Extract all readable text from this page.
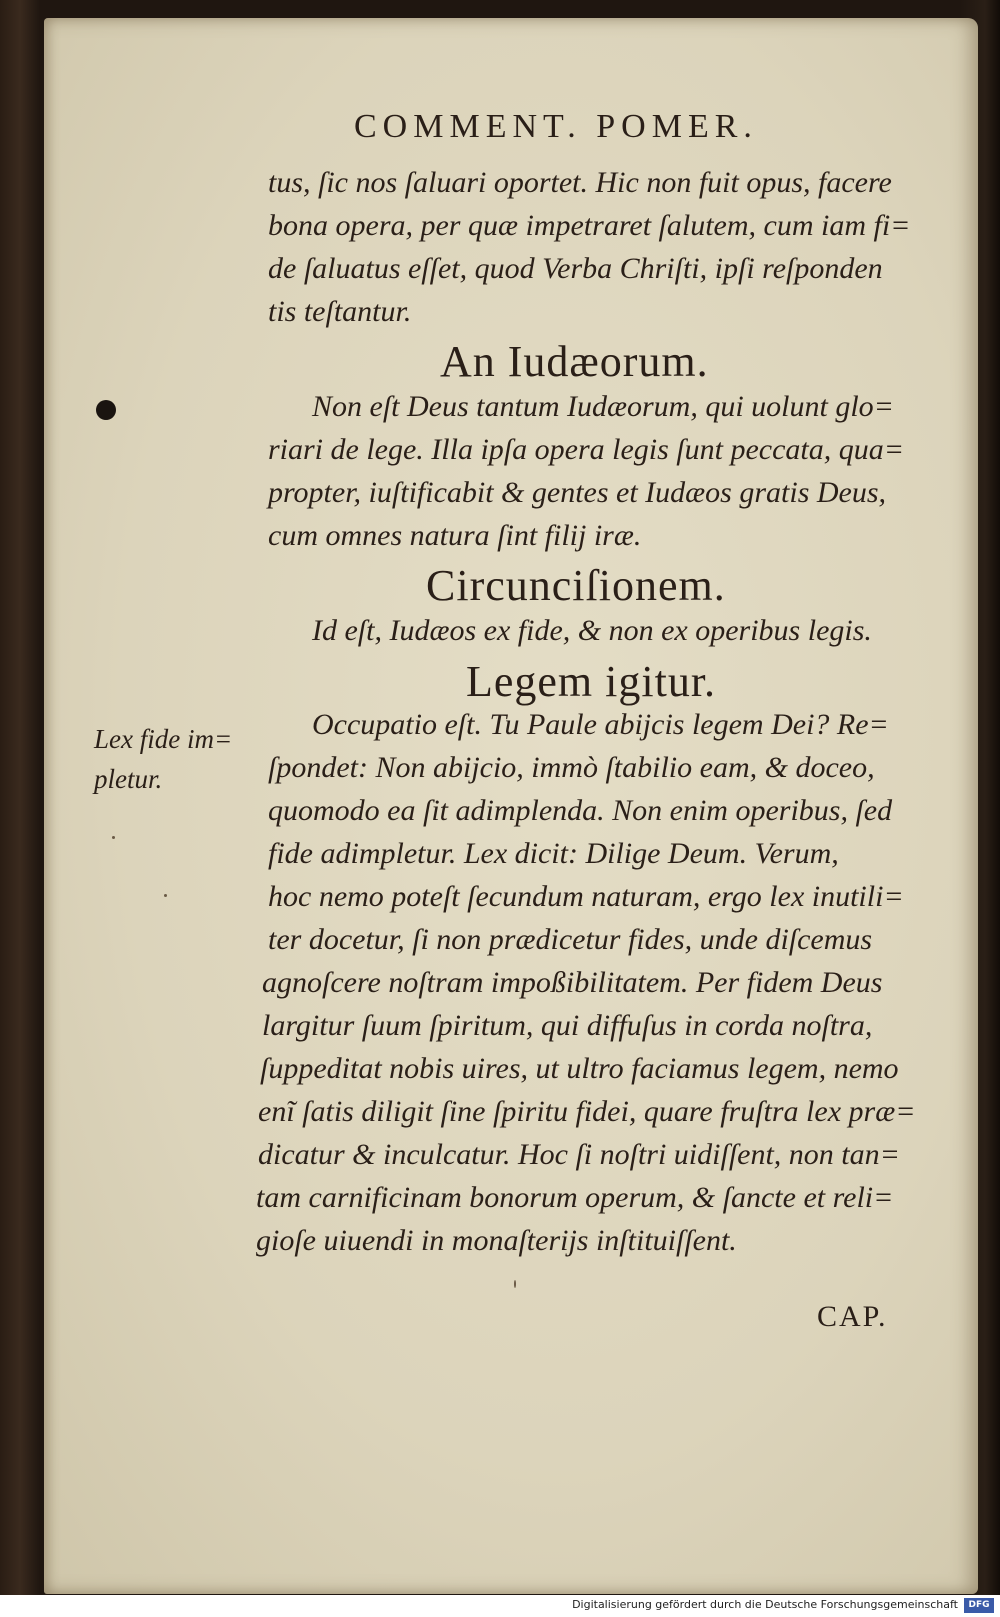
COMMENT. POMER.
tus, ſic nos ſaluari oportet. Hic non fuit opus, facere
bona opera, per quæ impetraret ſalutem, cum iam fi=
de ſaluatus eſſet, quod Verba Chriſti, ipſi reſponden
tis teſtantur.
An Iudæorum.
Non eſt Deus tantum Iudæorum, qui uolunt glo=
riari de lege. Illa ipſa opera legis ſunt peccata, qua=
propter, iuſtificabit & gentes et Iudæos gratis Deus,
cum omnes natura ſint filij iræ.
Circunciſionem.
Id eſt, Iudæos ex fide, & non ex operibus legis.
Legem igitur.
Occupatio eſt. Tu Paule abijcis legem Dei? Re=
ſpondet: Non abijcio, immò ſtabilio eam, & doceo,
quomodo ea ſit adimplenda. Non enim operibus, ſed
fide adimpletur. Lex dicit: Dilige Deum. Verum,
hoc nemo poteſt ſecundum naturam, ergo lex inutili=
ter docetur, ſi non prædicetur fides, unde diſcemus
agnoſcere noſtram impoßibilitatem. Per fidem Deus
largitur ſuum ſpiritum, qui diffuſus in corda noſtra,
ſuppeditat nobis uires, ut ultro faciamus legem, nemo
enĩ ſatis diligit ſine ſpiritu fidei, quare fruſtra lex præ=
dicatur & inculcatur. Hoc ſi noſtri uidiſſent, non tan=
tam carnificinam bonorum operum, & ſancte et reli=
gioſe uiuendi in monaſterijs inſtituiſſent.
Lex fide im=
pletur.
CAP.
Digitalisierung gefördert durch die Deutsche Forschungsgemeinschaft	DFG
